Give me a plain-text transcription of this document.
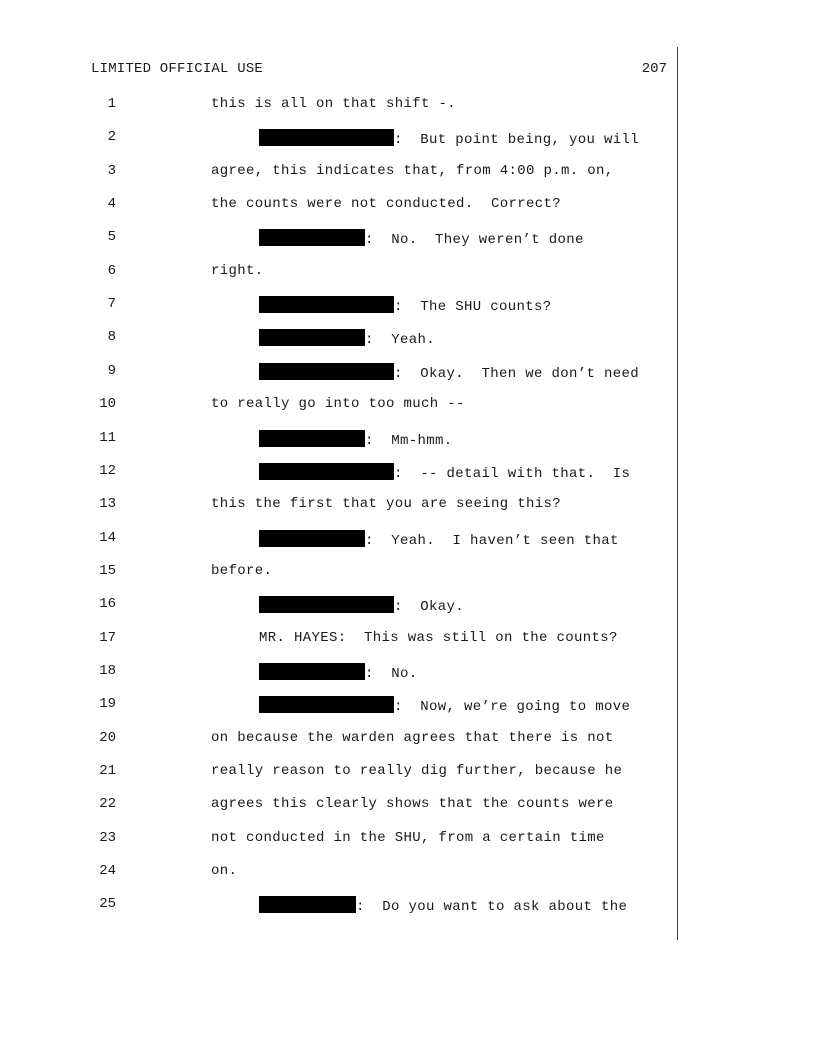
LIMITED OFFICIAL USE	207
1	this is all on that shift -.
2	:  But point being, you will
3	agree, this indicates that, from 4:00 p.m. on,
4	the counts were not conducted.  Correct?
5	:  No.  They weren’t done
6	right.
7	:  The SHU counts?
8	:  Yeah.
9	:  Okay.  Then we don’t need
10	to really go into too much --
11	:  Mm-hmm.
12	:  -- detail with that.  Is
13	this the first that you are seeing this?
14	:  Yeah.  I haven’t seen that
15	before.
16	:  Okay.
17	MR. HAYES:  This was still on the counts?
18	:  No.
19	:  Now, we’re going to move
20	on because the warden agrees that there is not
21	really reason to really dig further, because he
22	agrees this clearly shows that the counts were
23	not conducted in the SHU, from a certain time
24	on.
25	:  Do you want to ask about the
